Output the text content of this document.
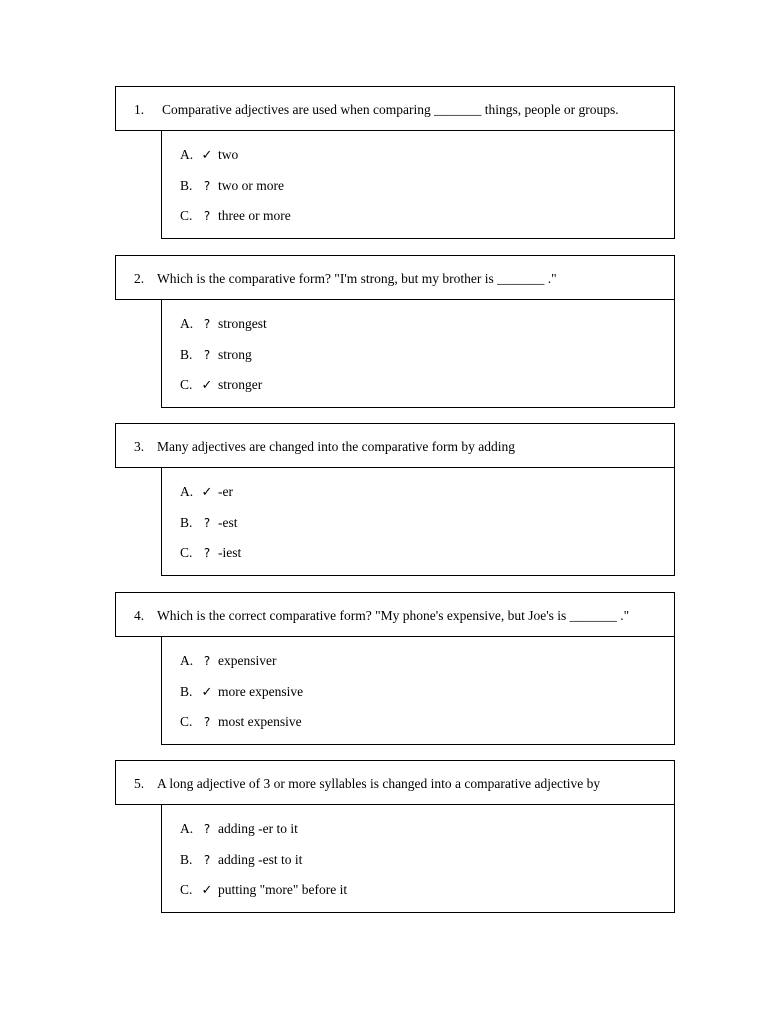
1. Comparative adjectives are used when comparing _______ things, people or groups.
A. ✓ two
B. ? two or more
C. ? three or more
2. Which is the comparative form? "I'm strong, but my brother is _______ ."
A. ? strongest
B. ? strong
C. ✓ stronger
3. Many adjectives are changed into the comparative form by adding
A. ✓ -er
B. ? -est
C. ? -iest
4. Which is the correct comparative form? "My phone's expensive, but Joe's is _______ ."
A. ? expensiver
B. ✓ more expensive
C. ? most expensive
5. A long adjective of 3 or more syllables is changed into a comparative adjective by
A. ? adding -er to it
B. ? adding -est to it
C. ✓ putting "more" before it
